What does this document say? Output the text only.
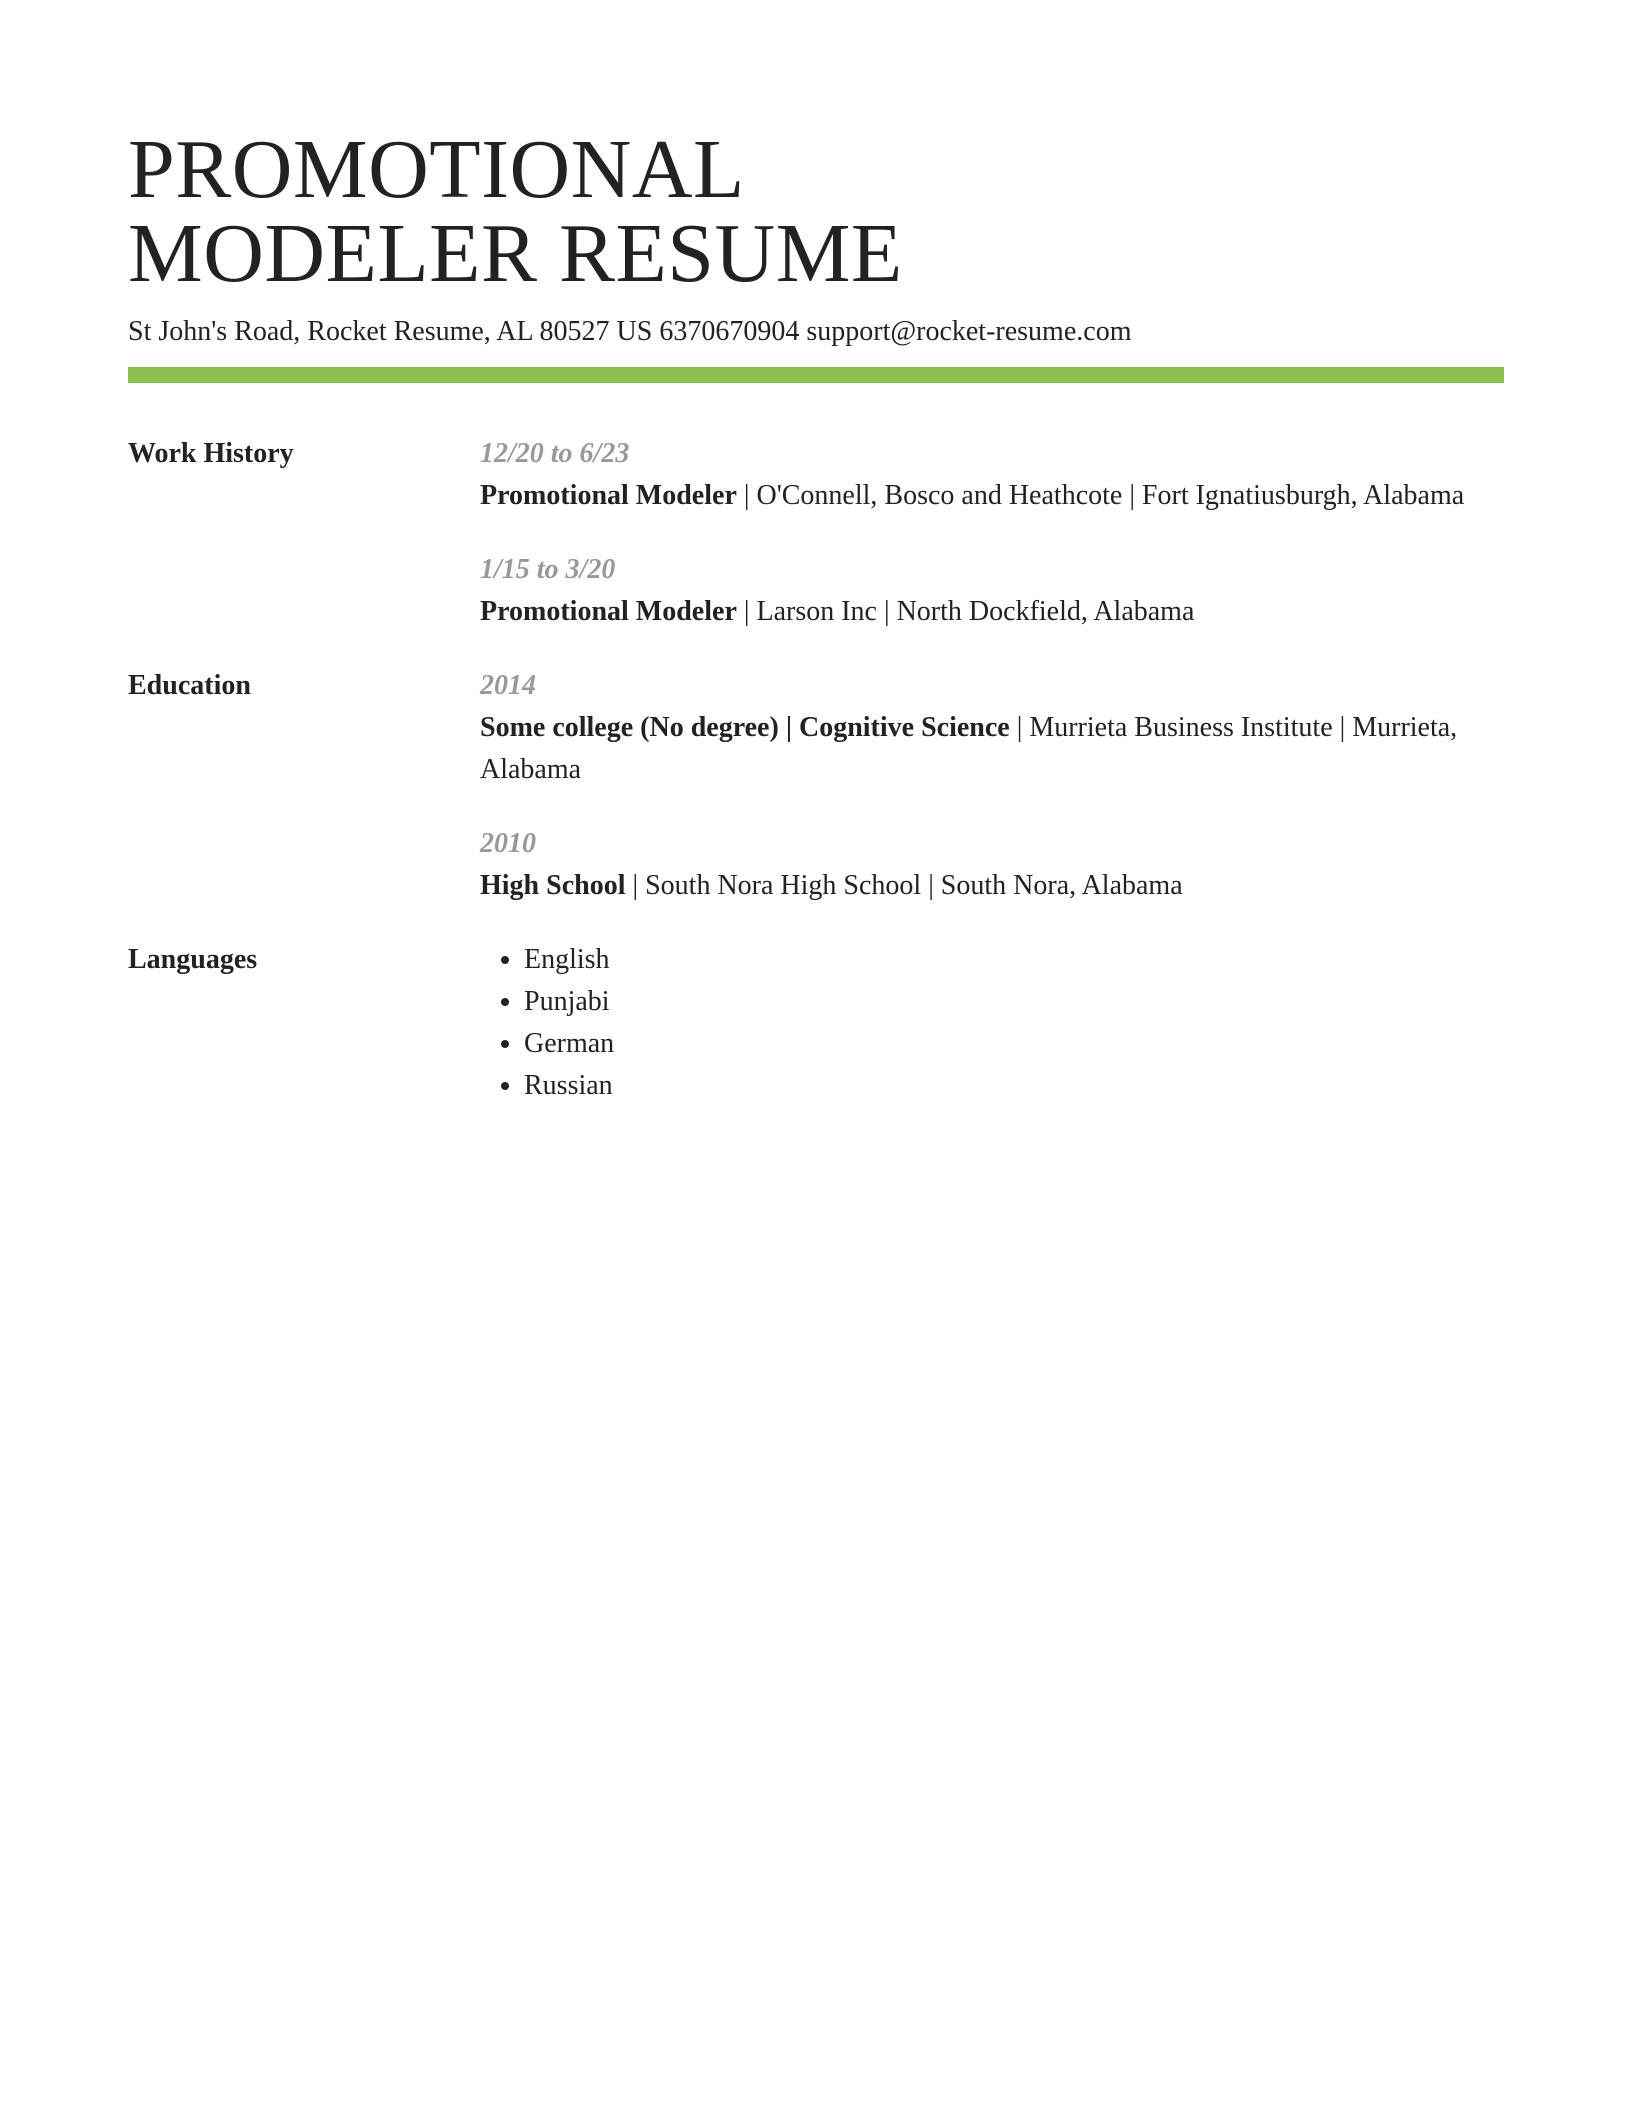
PROMOTIONAL
MODELER RESUME
St John's Road, Rocket Resume, AL 80527 US 6370670904 support@rocket-resume.com
Work History	12/20 to 6/23
Promotional Modeler | O'Connell, Bosco and Heathcote | Fort Ignatiusburgh, Alabama
1/15 to 3/20
Promotional Modeler | Larson Inc | North Dockfield, Alabama
Education	2014
Some college (No degree) | Cognitive Science | Murrieta Business Institute | Murrieta, Alabama
2010
High School | South Nora High School | South Nora, Alabama
Languages
•	English
• Punjabi
• German
• Russian
